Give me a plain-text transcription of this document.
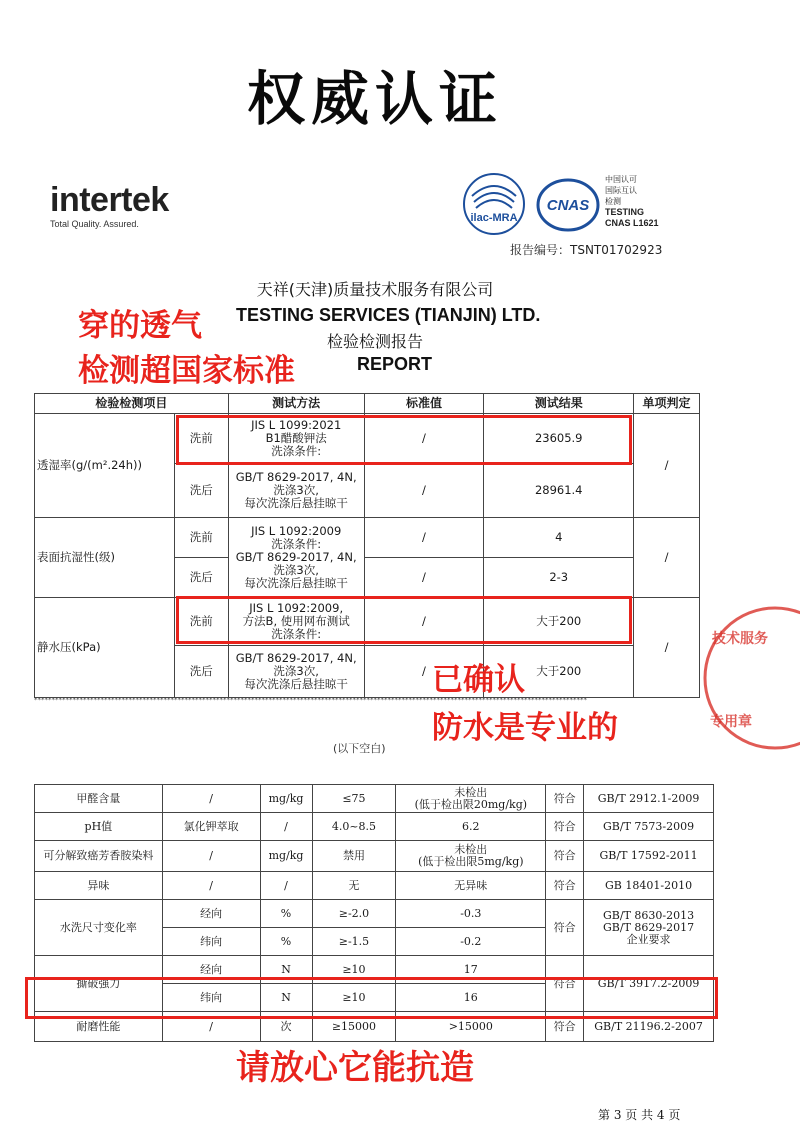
权威认证
intertek
Total Quality. Assured.	ilac-MRA
CNAS
中国认可
国际互认
检测
TESTING
CNAS L1621
报告编号：TSNT01702923
天祥(天津)质量技术服务有限公司
TESTING SERVICES (TIANJIN) LTD.
检验检测报告
REPORT
检验检测项目		测试方法	标准值	测试结果	单项判定
透湿率(g/(m².24h))	洗前	JIS L 1099:2021
B1醋酸钾法
洗涤条件:	/	23605.9	/
	洗后	GB/T 8629-2017, 4N,
洗涤3次,
每次洗涤后悬挂晾干	/	28961.4	
表面抗湿性(级)	洗前	JIS L 1092:2009
洗涤条件:
GB/T 8629-2017, 4N,
洗涤3次,
每次洗涤后悬挂晾干	/	4	/
	洗后		/	2-3	
静水压(kPa)	洗前	JIS L 1092:2009,
方法B, 使用网布测试
洗涤条件:	/	大于200	/
	洗后	GB/T 8629-2017, 4N,
洗涤3次,
每次洗涤后悬挂晾干	/	大于200	
**************************************************************************************************************************************************************
(以下空白)
甲醛含量	/	mg/kg	≤75	未检出
(低于检出限20mg/kg)	符合	GB/T 2912.1-2009
pH值	氯化钾萃取	/	4.0~8.5	6.2	符合	GB/T 7573-2009
可分解致癌芳香胺染料	/	mg/kg	禁用	未检出
(低于检出限5mg/kg)	符合	GB/T 17592-2011
异味	/	/	无	无异味	符合	GB 18401-2010
水洗尺寸变化率	经向	%	≥-2.0	-0.3	符合	GB/T 8630-2013
GB/T 8629-2017
企业要求
	纬向	%	≥-1.5	-0.2		
撕破强力	经向	N	≥10	17	符合	GB/T 3917.2-2009
	纬向	N	≥10	16		
耐磨性能	/	次	≥15000	>15000	符合	GB/T 21196.2-2007
技术服务
专用章
穿的透气
检测超国家标准
已确认
防水是专业的
请放心它能抗造
第 3 页 共 4 页
